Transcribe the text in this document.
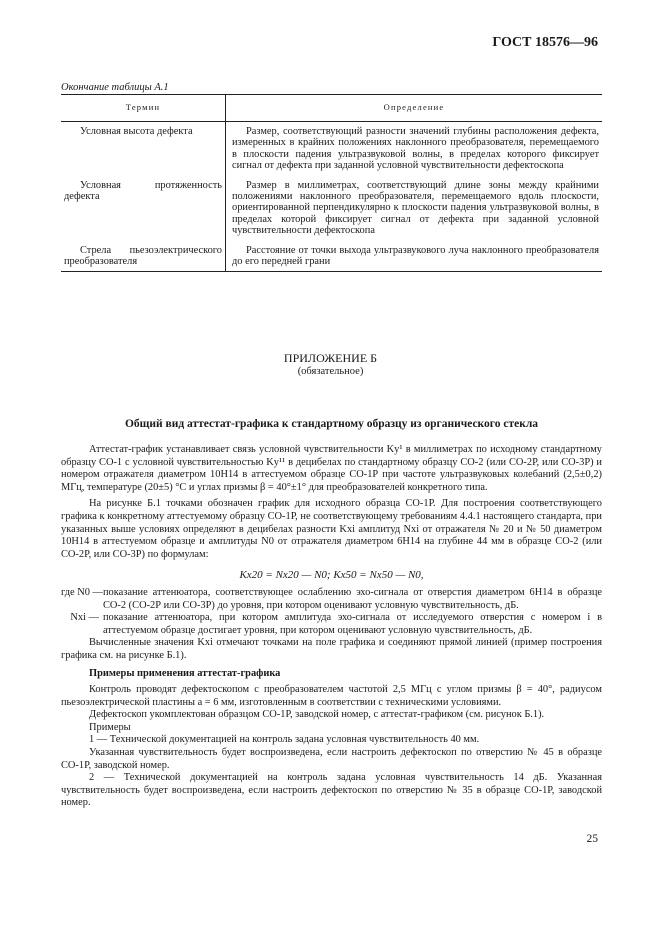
ГОСТ 18576—96
Окончание таблицы А.1
Термин	Определение
Условная высота дефекта	Размер, соответствующий разности значений глубины расположения дефекта, измеренных в крайних положениях наклонного преобразователя, перемещаемого в плоскости падения ультразвуковой волны, в пределах которого фиксирует сигнал от дефекта при заданной условной чувствительности дефектоскопа
Условная протяженность дефекта	Размер в миллиметрах, соответствующий длине зоны между крайними положениями наклонного преобразователя, перемещаемого вдоль плоскости, ориентированной перпендикулярно к плоскости падения ультразвуковой волны, в пределах которой фиксирует сигнал от дефекта при заданной условной чувствительности дефектоскопа
Стрела пьезоэлектрического преобразователя	Расстояние от точки выхода ультразвукового луча наклонного преобразователя до его передней грани
ПРИЛОЖЕНИЕ Б
(обязательное)
Общий вид аттестат-графика к стандартному образцу из органического стекла

Аттестат-график устанавливает связь условной чувствительности Kу¹ в миллиметрах по исходному стандартному образцу СО-1 с условной чувствительностью Kу¹¹ в децибелах по стандартному образцу СО-2 (или СО-2Р, или СО-3Р) и номером отражателя диаметром 10Н14 в аттестуемом образце СО-1Р при частоте ультразвуковых колебаний (2,5±0,2) МГц, температуре (20±5) °С и углах призмы β = 40°±1° для преобразователей конкретного типа.

На рисунке Б.1 точками обозначен график для исходного образца СО-1Р. Для построения соответствующего графика к конкретному аттестуемому образцу СО-1Р, не соответствующему требованиям 4.4.1 настоящего стандарта, при указанных выше условиях определяют в децибелах разности Kхi амплитуд Nхi от отражателя № 20 и № 50 диаметром 10Н14 в аттестуемом образце и амплитуды N0 от отражателя диаметром 6Н14 на глубине 44 мм в образце СО-2 (или СО-2Р, или СО-3Р) по формулам:

Kх20 = Nх20 — N0; Kх50 = Nх50 — N0,

где N0 — показание аттенюатора, соответствующее ослаблению эхо-сигнала от отверстия диаметром 6Н14 в образце СО-2 (СО-2Р или СО-3Р) до уровня, при котором оценивают условную чувствительность, дБ.
Nхi — показание аттенюатора, при котором амплитуда эхо-сигнала от исследуемого отверстия с номером i в аттестуемом образце достигает уровня, при котором оценивают условную чувствительность, дБ.

Вычисленные значения Kхi отмечают точками на поле графика и соединяют прямой линией (пример построения графика см. на рисунке Б.1).

Примеры применения аттестат-графика

Контроль проводят дефектоскопом с преобразователем частотой 2,5 МГц с углом призмы β = 40°, радиусом пьезоэлектрической пластины a = 6 мм, изготовленным в соответствии с техническими условиями.

Дефектоскоп укомплектован образцом СО-1Р, заводской номер, с аттестат-графиком (см. рисунок Б.1).

Примеры

1 — Технической документацией на контроль задана условная чувствительность 40 мм.

Указанная чувствительность будет воспроизведена, если настроить дефектоскоп по отверстию № 45 в образце СО-1Р, заводской номер.

2 — Технической документацией на контроль задана условная чувствительность 14 дБ. Указанная чувствительность будет воспроизведена, если настроить дефектоскоп по отверстию № 35 в образце СО-1Р, заводской номер.

25
